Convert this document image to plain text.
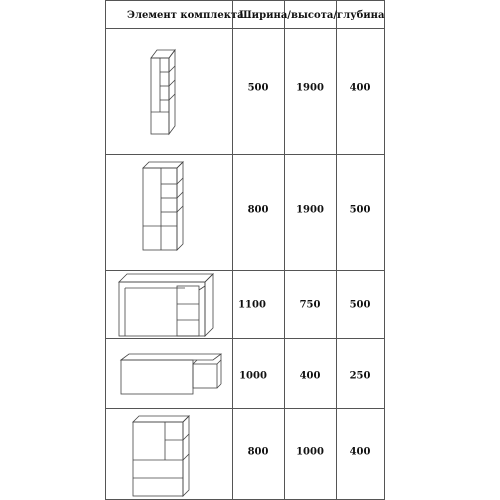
Элемент комплекта
Ширина/высота/глубина
500	1900	400
800	1900	500
1100	750	500
1000	400	250
800	1000	400
